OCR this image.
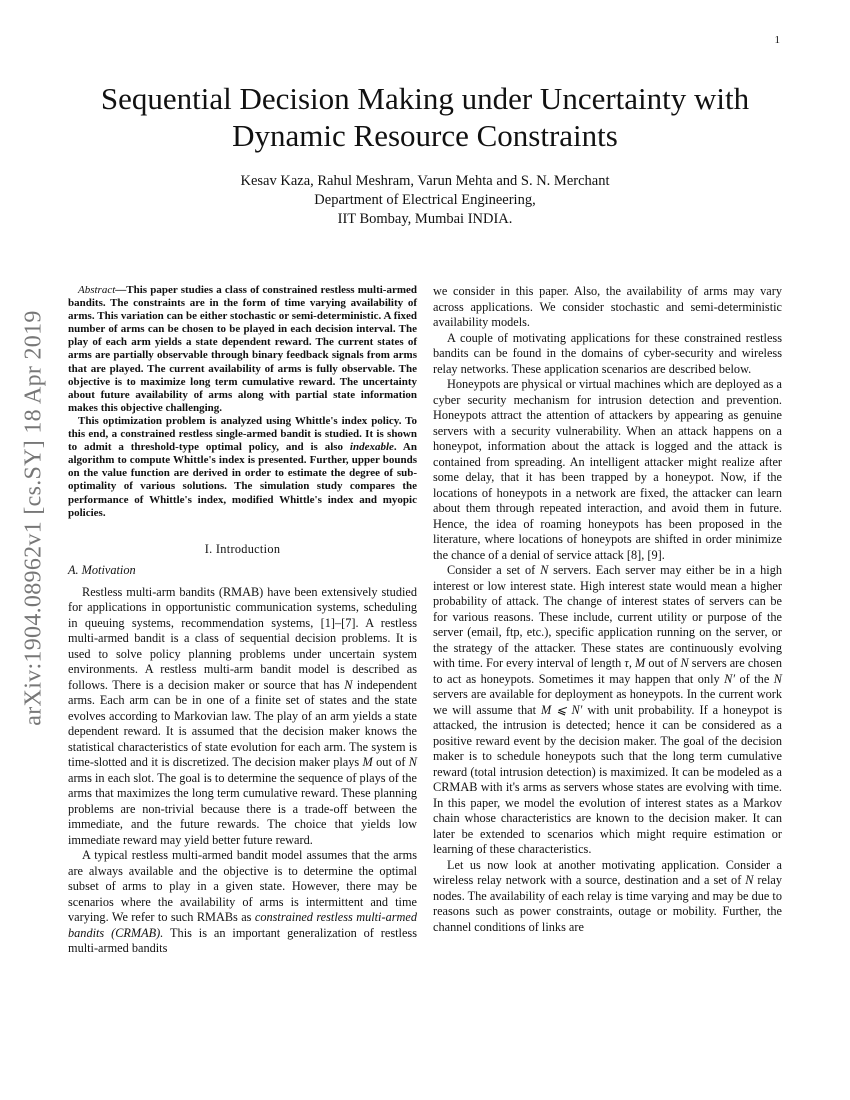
1
arXiv:1904.08962v1 [cs.SY] 18 Apr 2019
Sequential Decision Making under Uncertainty with
Dynamic Resource Constraints
Kesav Kaza, Rahul Meshram, Varun Mehta and S. N. Merchant
Department of Electrical Engineering,
IIT Bombay, Mumbai INDIA.

Abstract—This paper studies a class of constrained restless multi-armed bandits. The constraints are in the form of time varying availability of arms. This variation can be either stochastic or semi-deterministic. A fixed number of arms can be chosen to be played in each decision interval. The play of each arm yields a state dependent reward. The current states of arms are partially observable through binary feedback signals from arms that are played. The current availability of arms is fully observable. The objective is to maximize long term cumulative reward. The uncertainty about future availability of arms along with partial state information makes this objective challenging.

This optimization problem is analyzed using Whittle's index policy. To this end, a constrained restless single-armed bandit is studied. It is shown to admit a threshold-type optimal policy, and is also indexable. An algorithm to compute Whittle's index is presented. Further, upper bounds on the value function are derived in order to estimate the degree of sub-optimality of various solutions. The simulation study compares the performance of Whittle's index, modified Whittle's index and myopic policies.

I. Introduction
A. Motivation

Restless multi-arm bandits (RMAB) have been extensively studied for applications in opportunistic communication systems, scheduling in queuing systems, recommendation systems, [1]–[7]. A restless multi-armed bandit is a class of sequential decision problems. It is used to solve policy planning problems under uncertain system environments. A restless multi-arm bandit model is described as follows. There is a decision maker or source that has N independent arms. Each arm can be in one of a finite set of states and the state evolves according to Markovian law. The play of an arm yields a state dependent reward. It is assumed that the decision maker knows the statistical characteristics of state evolution for each arm. The system is time-slotted and it is discretized. The decision maker plays M out of N arms in each slot. The goal is to determine the sequence of plays of the arms that maximizes the long term cumulative reward. These planning problems are non-trivial because there is a trade-off between the immediate, and the future rewards. The choice that yields low immediate reward may yield better future reward.

A typical restless multi-armed bandit model assumes that the arms are always available and the objective is to determine the optimal subset of arms to play in a given state. However, there may be scenarios where the availability of arms is intermittent and time varying. We refer to such RMABs as constrained restless multi-armed bandits (CRMAB). This is an important generalization of restless multi-armed bandits

we consider in this paper. Also, the availability of arms may vary across applications. We consider stochastic and semi-deterministic availability models.

A couple of motivating applications for these constrained restless bandits can be found in the domains of cyber-security and wireless relay networks. These application scenarios are described below.

Honeypots are physical or virtual machines which are deployed as a cyber security mechanism for intrusion detection and prevention. Honeypots attract the attention of attackers by appearing as genuine servers with a security vulnerability. When an attack happens on a honeypot, information about the attack is logged and the attack is contained from spreading. An intelligent attacker might realize after some delay, that it has been trapped by a honeypot. Now, if the locations of honeypots in a network are fixed, the attacker can learn about them through repeated interaction, and avoid them in future. Hence, the idea of roaming honeypots has been proposed in the literature, where locations of honeypots are shifted in order minimize the chance of a denial of service attack [8], [9].

Consider a set of N servers. Each server may either be in a high interest or low interest state. High interest state would mean a higher probability of attack. The change of interest states of servers can be for various reasons. These include, current utility or purpose of the server (email, ftp, etc.), specific application running on the server, or the strategy of the attacker. These states are continuously evolving with time. For every interval of length τ, M out of N servers are chosen to act as honeypots. Sometimes it may happen that only N′ of the N servers are available for deployment as honeypots. In the current work we will assume that M ⩽ N′ with unit probability. If a honeypot is attacked, the intrusion is detected; hence it can be considered as a positive reward event by the decision maker. The goal of the decision maker is to schedule honeypots such that the long term cumulative reward (total intrusion detection) is maximized. It can be modeled as a CRMAB with it's arms as servers whose states are evolving with time. In this paper, we model the evolution of interest states as a Markov chain whose characteristics are known to the decision maker. It can later be extended to scenarios which might require estimation or learning of these characteristics.

Let us now look at another motivating application. Consider a wireless relay network with a source, destination and a set of N relay nodes. The availability of each relay is time varying and may be due to reasons such as power constraints, outage or mobility. Further, the channel conditions of links are
